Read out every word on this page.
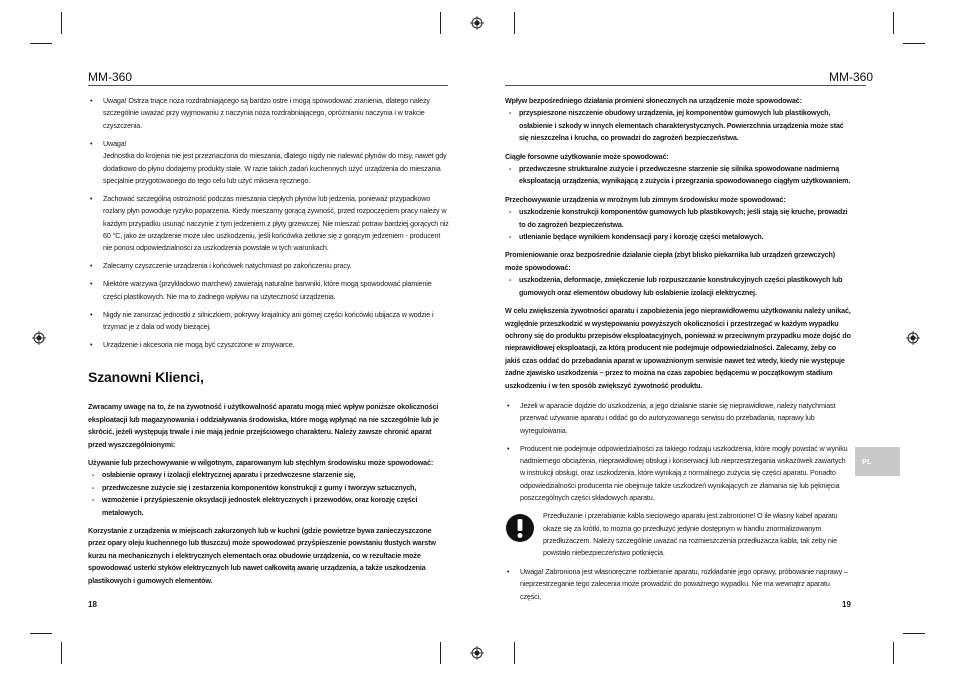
MM-360	MM-360
• Uwaga! Ostrza tnące noża rozdrabniającego są bardzo ostre i mogą spowodować zranienia, dlatego należy szczególnie uważać przy wyjmowaniu z naczynia noża rozdrabniającego, opróżnianiu naczynia i w trakcie czyszczenia.
• Uwaga!
Jednostka do krojenia nie jest przeznaczona do mieszania, dlatego nigdy nie nalewać płynów do misy, nawet gdy dodatkowo do płynu dodajemy produkty stałe. W razie takich zadań kuchennych użyć urządzenia do mieszania specjalnie przygotowanego do tego celu lub użyć miksera ręcznego.
• Zachować szczególną ostrożność podczas mieszania ciepłych płynów lub jedzenia, ponieważ przypadkowo rozlany płyn powoduje ryzyko poparzenia. Kiedy mieszamy gorącą żywność, przed rozpoczęciem pracy należy w każdym przypadku usunąć naczynie z tym jedzeniem z płyty grzewczej. Nie mieszać potraw bardziej gorących niż 60 °C, jako że urządzenie może ulec uszkodzeniu, jeśli końcówka zetknie się z gorącym jedzeniem - producent nie ponosi odpowiedzialności za uszkodzenia powstałe w tych warunkach.
• Zalecamy czyszczenie urządzenia i końcówek natychmiast po zakończeniu pracy.
• Niektóre warzywa (przykładowo marchew) zawierają naturalne barwniki, które mogą spowodować plamienie części plastikowych. Nie ma to żadnego wpływu na użyteczność urządzenia.
• Nigdy nie zanurzać jednostki z silniczkiem, pokrywy krajalnicy ani górnej części końcówki ubijacza w wodzie i trzymać je z dala od wody bieżącej.
• Urządzenie i akcesoria nie mogą być czyszczone w zmywarce.
Szanowni Klienci,

Zwracamy uwagę na to, że na żywotność i użytkowalność aparatu mogą mieć wpływ poniższe okoliczności eksploatacji lub magazynowania i oddziaływania środowiska, które mogą wpłynąć na nie szczególnie lub je skrócić, jeżeli występują trwale i nie mają jednie przejściowego charakteru. Należy zawsze chronić aparat przed wyszczególnionymi:

Używanie lub przechowywanie w wilgotnym, zaparowanym lub stęchłym środowisku może spowodować:

- osłabienie oprawy i izolacji elektrycznej aparatu i przedwczesne starzenie się,
- przedwczesne zużycie się i zestarzenia komponentów konstrukcji z gumy i tworzyw sztucznych,
- wzmożenie i przyśpieszenie oksydacji jednostek elektrycznych i przewodów, oraz korozję części metalowych.

Korzystanie z urządzenia w miejscach zakurzonych lub w kuchni (gdzie powietrze bywa zanieczyszczone przez opary oleju kuchennego lub tłuszczu) może spowodować przyśpieszenie powstaniu tłustych warstw kurzu na mechanicznych i elektrycznych elementach oraz obudowie urządzenia, co w rezultacie może spowodować usterki styków elektrycznych lub nawet całkowitą awarię urządzenia, a także uszkodzenia plastikowych i gumowych elementów.

18

Wpływ bezpośredniego działania promieni słonecznych na urządzenie może spowodować:

- przyspieszone niszczenie obudowy urządzenia, jej komponentów gumowych lub plastikowych, osłabienie i szkody w innych elementach charakterystycznych. Powierzchnia urządzenia może stać się nieszczelna i krucha, co prowadzi do zagrożeń bezpieczeństwa.

Ciągłe forsowne użytkowanie może spowodować:

- przedwczesne strukturalne zużycie i przedwczesne starzenie się silnika spowodowane nadmierną eksploatacją urządzenia, wynikającą z zużycia i przegrzania spowodowanego ciągłym użytkowaniem.

Przechowywanie urządzenia w mroźnym lub zimnym środowisku może spowodować:

- uszkodzenie konstrukcji komponentów gumowych lub plastikowych; jeśli stają się kruche, prowadzi to do zagrożeń bezpieczeństwa.
- utlenianie będące wynikiem kondensacji pary i korozję części metalowych.

Promieniowanie oraz bezpośrednie działanie ciepła (zbyt blisko piekarnika lub urządzeń grzewczych) może spowodować:

- uszkodzenia, deformacje, zmiękczenie lub rozpuszczanie konstrukcyjnych części plastikowych lub gumowych oraz elementów obudowy lub osłabienie izolacji elektrycznej.

W celu zwiększenia żywotności aparatu i zapobieżenia jego nieprawidłowemu użytkowaniu należy unikać, względnie przeszkodzić w występowaniu powyższych okoliczności i przestrzegać w każdym wypadku ochrony się do produktu przepisów eksploatacyjnych, ponieważ w przeciwnym przypadku może dojść do nieprawidłowej eksploatacji, za którą producent nie podejmuje odpowiedzialności. Zalecamy, żeby co jakiś czas oddać do przebadania aparat w upoważnionym serwisie nawet też wtedy, kiedy nie występuje żadne zjawisko uszkodzenia – przez to można na czas zapobiec będącemu w początkowym stadium uszkodzeniu i w ten sposób zwiększyć żywotność produktu.

• Jeżeli w aparacie dojdzie do uszkodzenia, a jego działanie stanie się nieprawidłowe, należy natychmiast przerwać używanie aparatu i oddać go do autoryzowanego serwisu do przebadania, naprawy lub wyregulowania.
• Producent nie podejmuje odpowiedzialności za takiego rodzaju uszkodzenia, które mogły powstać w wyniku nadmiernego obciążenia, nieprawidłowej obsługi i konserwacji lub nieprzestrzegania wskazówek zawartych w instrukcji obsługi, oraz uszkodzenia, które wynikają z normalnego zużycia się części aparatu. Ponadto odpowiedzialności producenta nie obejmuje także uszkodzeń wynikających ze złamania się lub pęknięcia poszczególnych części składowych aparatu.
Przedłużanie i przerabianie kabla sieciowego aparatu jest zabronione! O ile własny kabel aparatu okaże się za krótki, to można go przedłużyć jedynie dostępnym w handlu znormalizowanym przedłużaczem. Należy szczególnie uważać na rozmieszczenia przedłużacza kabla, tak żeby nie powstało niebezpieczeństwo potknięcia.
• Uwaga! Zabroniona jest własnoręczne rozbieranie aparatu, rozkładanie jego oprawy, próbowanie naprawy – nieprzestrzeganie tego zalecenia może prowadzić do poważnego wypadku. Nie ma wewnątrz aparatu części,
19
PL
